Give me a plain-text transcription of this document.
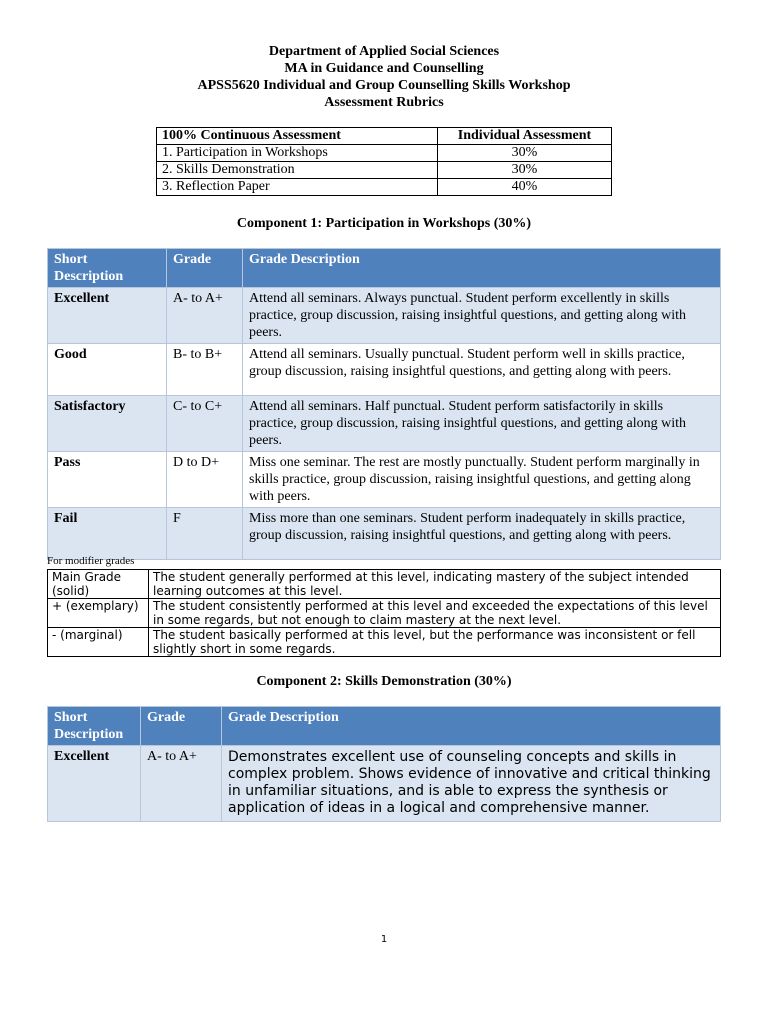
Department of Applied Social Sciences
MA in Guidance and Counselling
APSS5620 Individual and Group Counselling Skills Workshop
Assessment Rubrics
100% Continuous Assessment	Individual Assessment
1. Participation in Workshops	30%
2. Skills Demonstration	30%
3. Reflection Paper	40%
Component 1: Participation in Workshops (30%)
Short Description	Grade	Grade Description
Excellent	A- to A+	Attend all seminars. Always punctual. Student perform excellently in skills practice, group discussion, raising insightful questions, and getting along with peers.
Good	B- to B+	Attend all seminars. Usually punctual. Student perform well in skills practice, group discussion, raising insightful questions, and getting along with peers.
Satisfactory	C- to C+	Attend all seminars. Half punctual. Student perform satisfactorily in skills practice, group discussion, raising insightful questions, and getting along with peers.
Pass	D to D+	Miss one seminar. The rest are mostly punctually. Student perform marginally in skills practice, group discussion, raising insightful questions, and getting along with peers.
Fail	F	Miss more than one seminars. Student perform inadequately in skills practice, group discussion, raising insightful questions, and getting along with peers.
For modifier grades
Main Grade (solid)	The student generally performed at this level, indicating mastery of the subject intended learning outcomes at this level.
+ (exemplary)	The student consistently performed at this level and exceeded the expectations of this level in some regards, but not enough to claim mastery at the next level.
- (marginal)	The student basically performed at this level, but the performance was inconsistent or fell slightly short in some regards.
Component 2: Skills Demonstration (30%)
Short Description	Grade	Grade Description
Excellent	A- to A+	Demonstrates excellent use of counseling concepts and skills in complex problem. Shows evidence of innovative and critical thinking in unfamiliar situations, and is able to express the synthesis or application of ideas in a logical and comprehensive manner.
1
